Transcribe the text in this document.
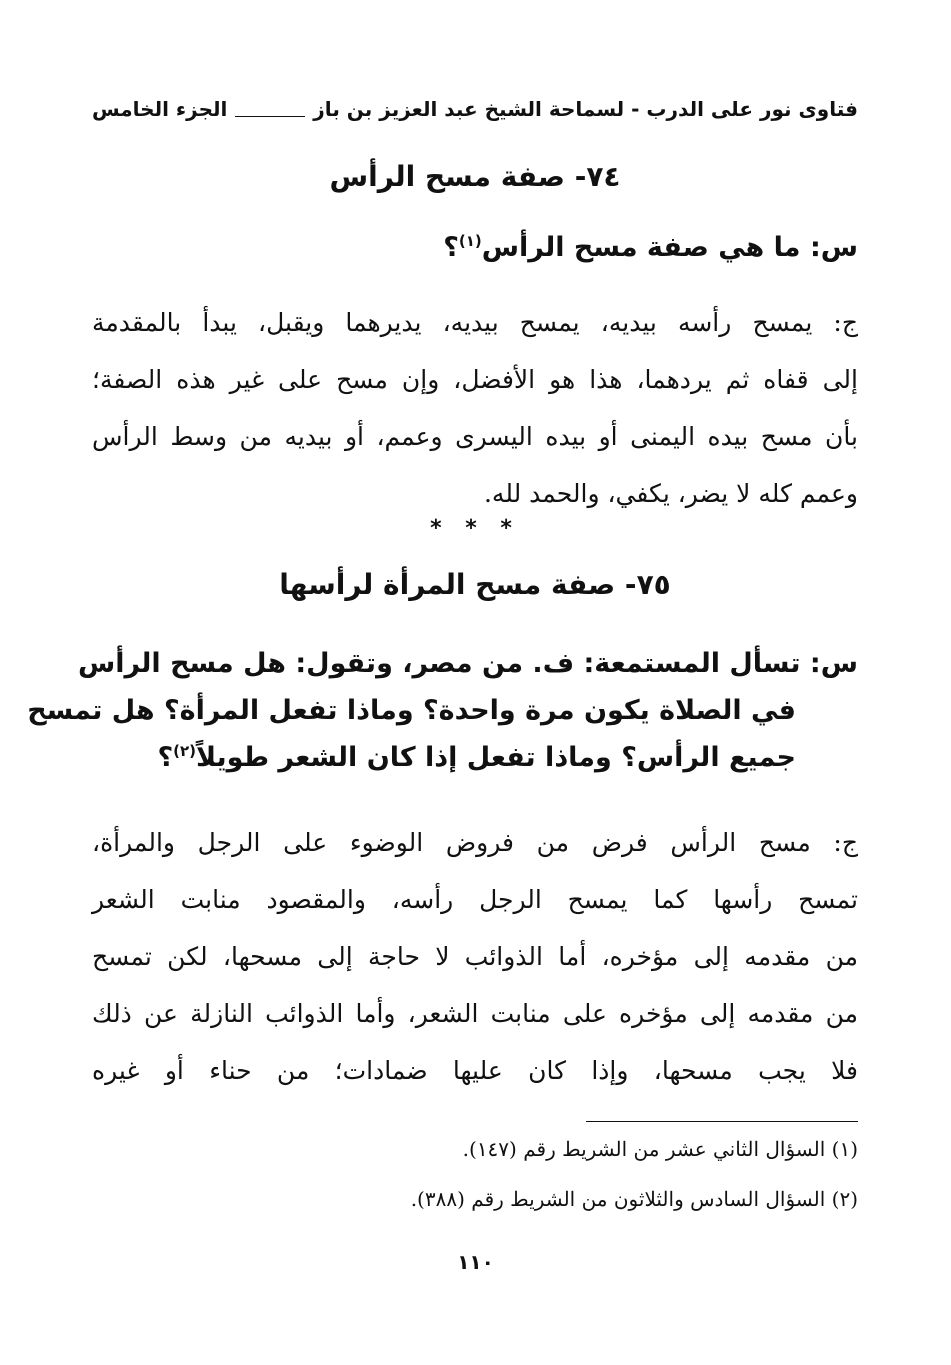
فتاوى نور على الدرب - لسماحة الشيخ عبد العزيز بن باز
الجزء الخامس
٧٤- صفة مسح الرأس
س: ما هي صفة مسح الرأس$^{(١)}$؟
ج: يمسح رأسه بيديه، يمسح بيديه، يديرهما ويقبل، يبدأ بالمقدمة
إلى قفاه ثم يردهما، هذا هو الأفضل، وإن مسح على غير هذه الصفة؛
بأن مسح بيده اليمنى أو بيده اليسرى وعمم، أو بيديه من وسط الرأس
وعمم كله لا يضر، يكفي، والحمد لله.
* * *
٧٥- صفة مسح المرأة لرأسها
س: تسأل المستمعة: ف. من مصر، وتقول: هل مسح الرأس
في الصلاة يكون مرة واحدة؟ وماذا تفعل المرأة؟ هل تمسح
جميع الرأس؟ وماذا تفعل إذا كان الشعر طويلاً$^{(٢)}$؟
ج: مسح الرأس فرض من فروض الوضوء على الرجل والمرأة،
تمسح رأسها كما يمسح الرجل رأسه، والمقصود منابت الشعر
من مقدمه إلى مؤخره، أما الذوائب لا حاجة إلى مسحها، لكن تمسح
من مقدمه إلى مؤخره على منابت الشعر، وأما الذوائب النازلة عن ذلك
فلا يجب مسحها، وإذا كان عليها ضمادات؛ من حناء أو غيره
(١) السؤال الثاني عشر من الشريط رقم (١٤٧).
(٢) السؤال السادس والثلاثون من الشريط رقم (٣٨٨).
١١٠
